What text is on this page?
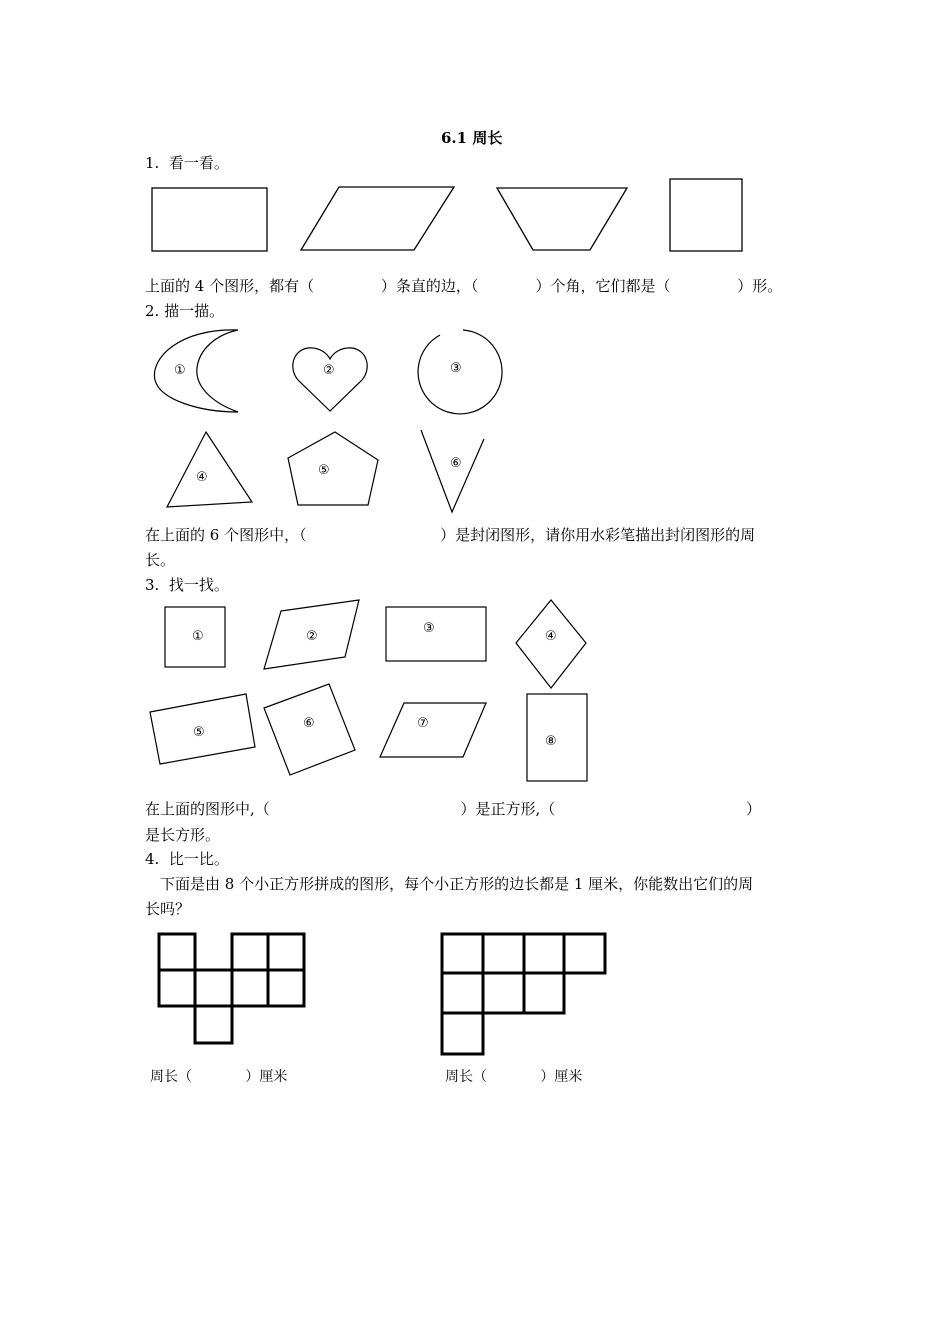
6.1 周长
1.  看一看。
上面的 4 个图形，都有（              ）条直的边，（            ）个角，它们都是（              ）形。
2. 描一描。
①	②	③
④	⑤	⑥
在上面的 6 个图形中，（                            ）是封闭图形，请你用水彩笔描出封闭图形的周
长。
3.  找一找。
①	②
③
④
⑤
⑥	⑦
⑧
在上面的图形中,（                                        ）是正方形,（                                        ）
是长方形。
4.  比一比。
下面是由 8 个小正方形拼成的图形，每个小正方形的边长都是 1 厘米，你能数出它们的周
长吗？
周长（            ）厘米	周长（            ）厘米
